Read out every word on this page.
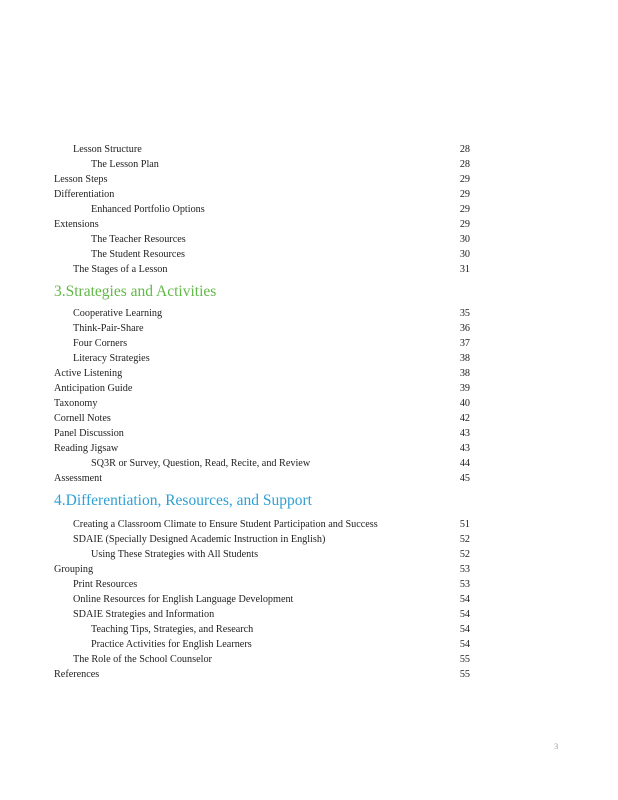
Lesson Structure	28
The Lesson Plan	28
Lesson Steps	29
Differentiation	29
Enhanced Portfolio Options	29
Extensions	29
The Teacher Resources	30
The Student Resources	30
The Stages of a Lesson	31
3.Strategies and Activities
Cooperative Learning	35
Think-Pair-Share	36
Four Corners	37
Literacy Strategies	38
Active Listening	38
Anticipation Guide	39
Taxonomy	40
Cornell Notes	42
Panel Discussion	43
Reading Jigsaw	43
SQ3R or Survey, Question, Read, Recite, and Review	44
Assessment	45
4.Differentiation, Resources, and Support
Creating a Classroom Climate to Ensure Student Participation and Success	51
SDAIE (Specially Designed Academic Instruction in English)	52
Using These Strategies with All Students	52
Grouping	53
Print Resources	53
Online Resources for English Language Development	54
SDAIE Strategies and Information	54
Teaching Tips, Strategies, and Research	54
Practice Activities for English Learners	54
The Role of the School Counselor	55
References	55
3
